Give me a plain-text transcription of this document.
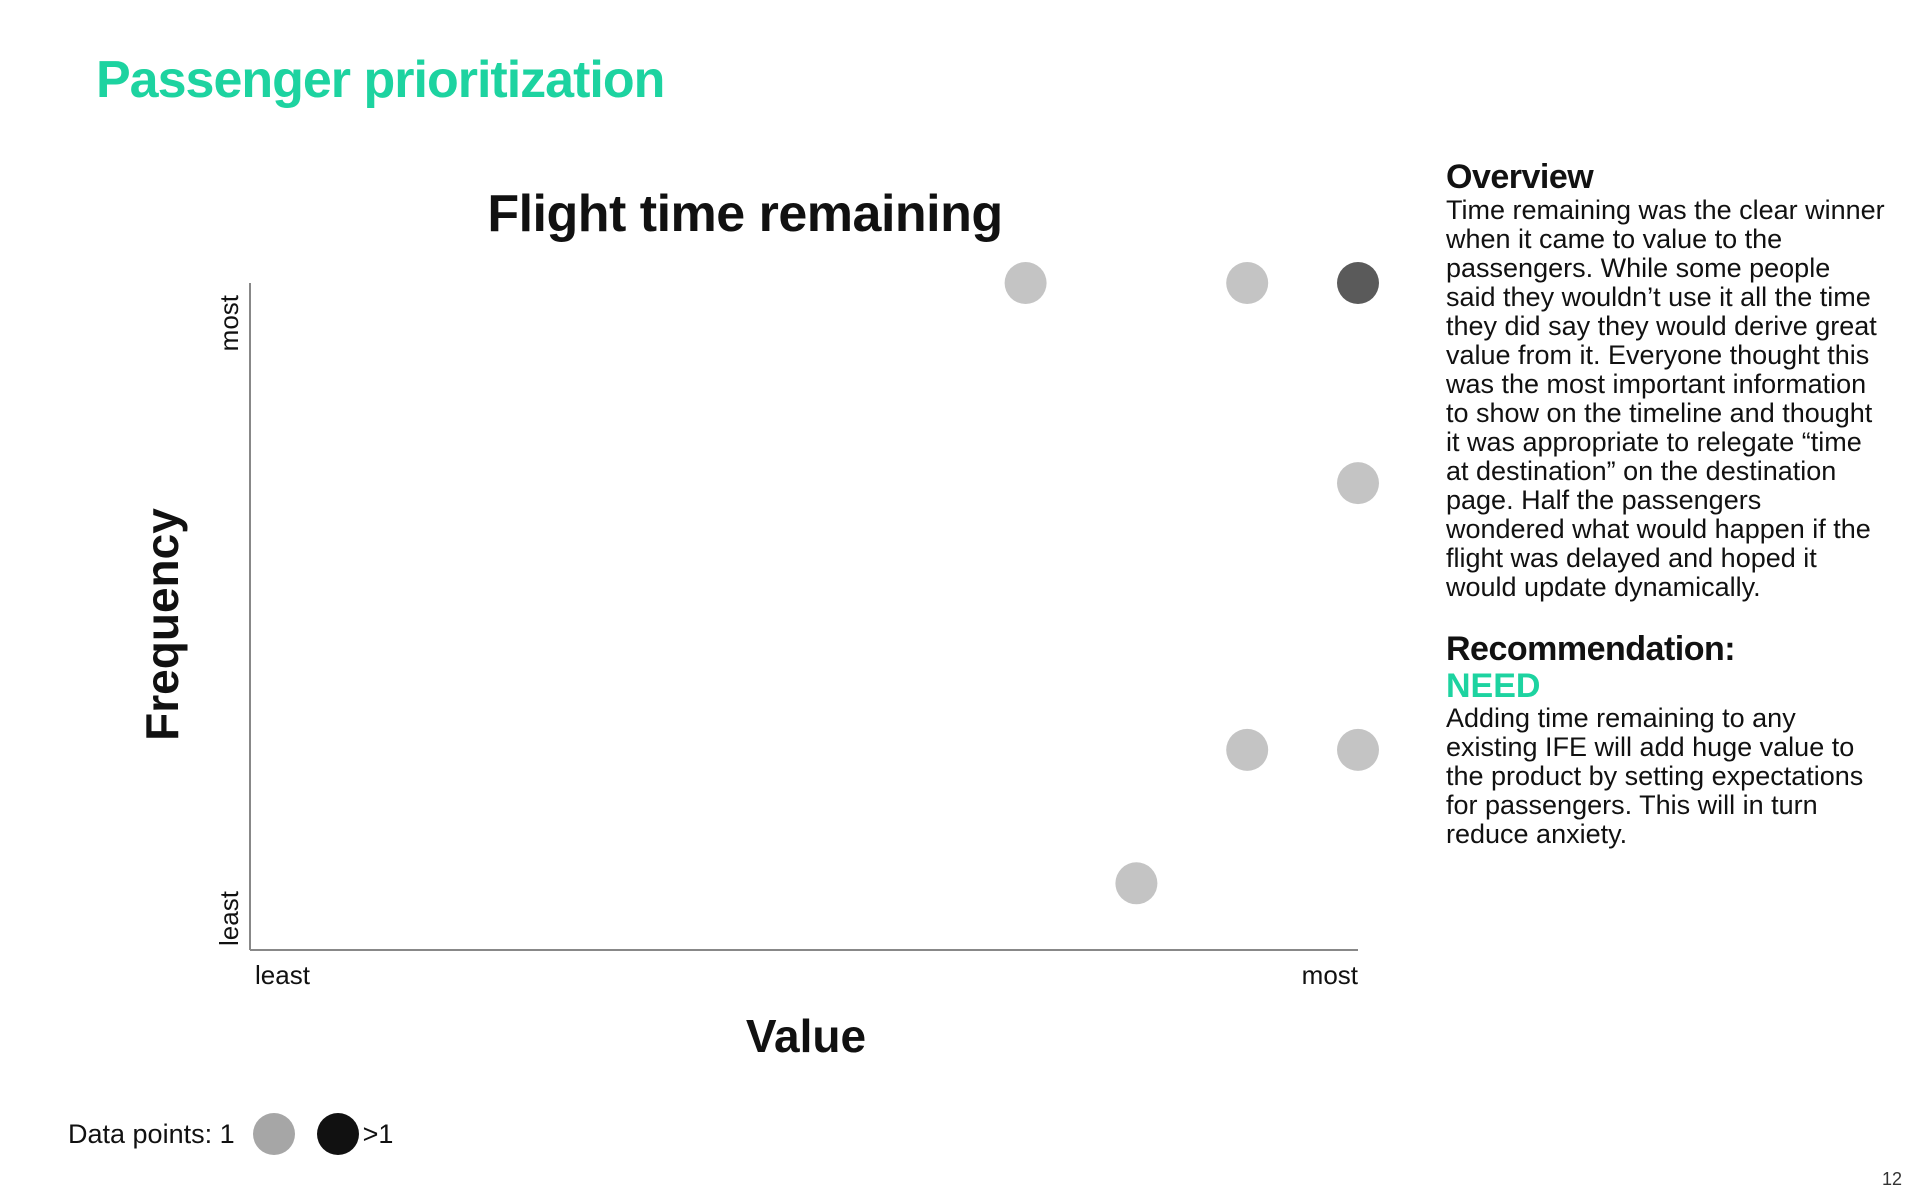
Passenger prioritization
Flight time remaining
least	most
least
most
Value
Frequency
Overview

Time remaining was the clear winner when it came to value to the passengers. While some people said they wouldn’t use it all the time they did say they would derive great value from it. Everyone thought this was the most important information to show on the timeline and thought it was appropriate to relegate “time at destination” on the destination page. Half the passengers wondered what would happen if the flight was delayed and hoped it would update dynamically.

Recommendation:

NEED

Adding time remaining to any existing IFE will add huge value to the product by setting expectations for passengers. This will in turn reduce anxiety.

Data points: 1	>1
12
